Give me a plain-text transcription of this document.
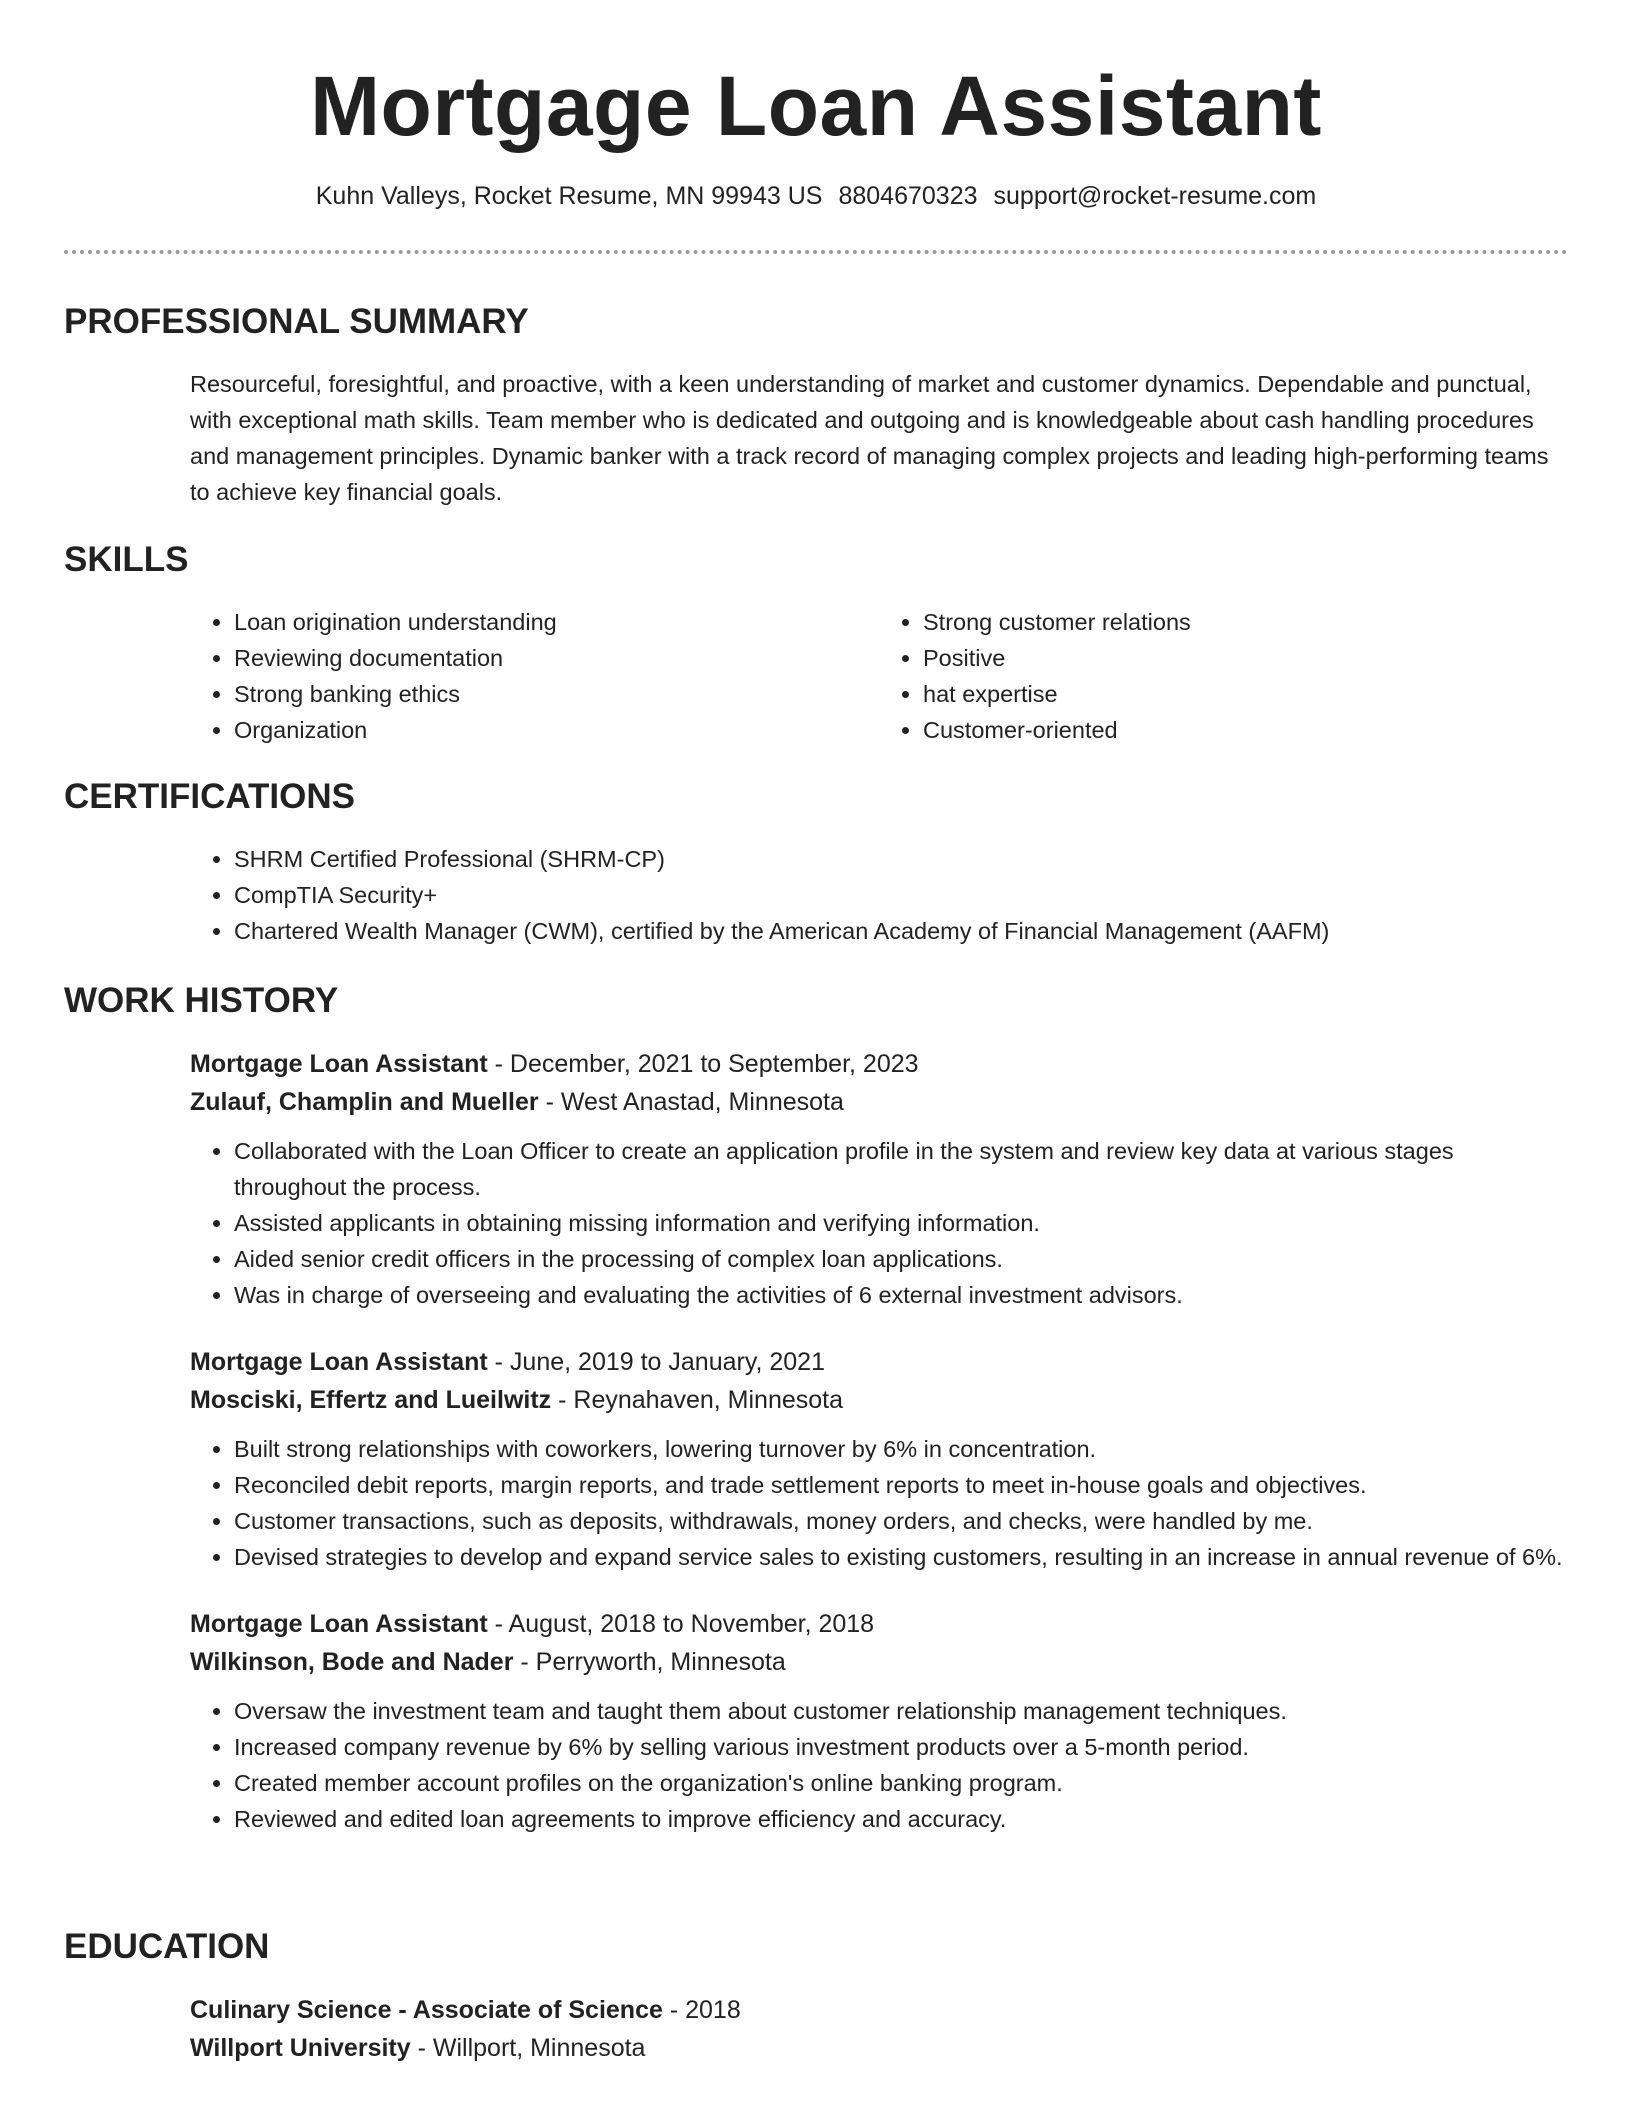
Mortgage Loan Assistant
Kuhn Valleys, Rocket Resume, MN 99943 US 8804670323 support@rocket-resume.com
PROFESSIONAL SUMMARY
Resourceful, foresightful, and proactive, with a keen understanding of market and customer dynamics. Dependable and punctual, with exceptional math skills. Team member who is dedicated and outgoing and is knowledgeable about cash handling procedures and management principles. Dynamic banker with a track record of managing complex projects and leading high-performing teams to achieve key financial goals.
SKILLS
• Loan origination understanding
• Reviewing documentation
• Strong banking ethics
• Organization
• Strong customer relations
• Positive
• hat expertise
• Customer-oriented
CERTIFICATIONS
• SHRM Certified Professional (SHRM-CP)
• CompTIA Security+
• Chartered Wealth Manager (CWM), certified by the American Academy of Financial Management (AAFM)
WORK HISTORY
Mortgage Loan Assistant - December, 2021 to September, 2023
Zulauf, Champlin and Mueller - West Anastad, Minnesota
• Collaborated with the Loan Officer to create an application profile in the system and review key data at various stages throughout the process.
• Assisted applicants in obtaining missing information and verifying information.
• Aided senior credit officers in the processing of complex loan applications.
• Was in charge of overseeing and evaluating the activities of 6 external investment advisors.
Mortgage Loan Assistant - June, 2019 to January, 2021
Mosciski, Effertz and Lueilwitz - Reynahaven, Minnesota
• Built strong relationships with coworkers, lowering turnover by 6% in concentration.
• Reconciled debit reports, margin reports, and trade settlement reports to meet in-house goals and objectives.
• Customer transactions, such as deposits, withdrawals, money orders, and checks, were handled by me.
• Devised strategies to develop and expand service sales to existing customers, resulting in an increase in annual revenue of 6%.
Mortgage Loan Assistant - August, 2018 to November, 2018
Wilkinson, Bode and Nader - Perryworth, Minnesota
• Oversaw the investment team and taught them about customer relationship management techniques.
• Increased company revenue by 6% by selling various investment products over a 5-month period.
• Created member account profiles on the organization's online banking program.
• Reviewed and edited loan agreements to improve efficiency and accuracy.
EDUCATION
Culinary Science - Associate of Science - 2018
Willport University - Willport, Minnesota
